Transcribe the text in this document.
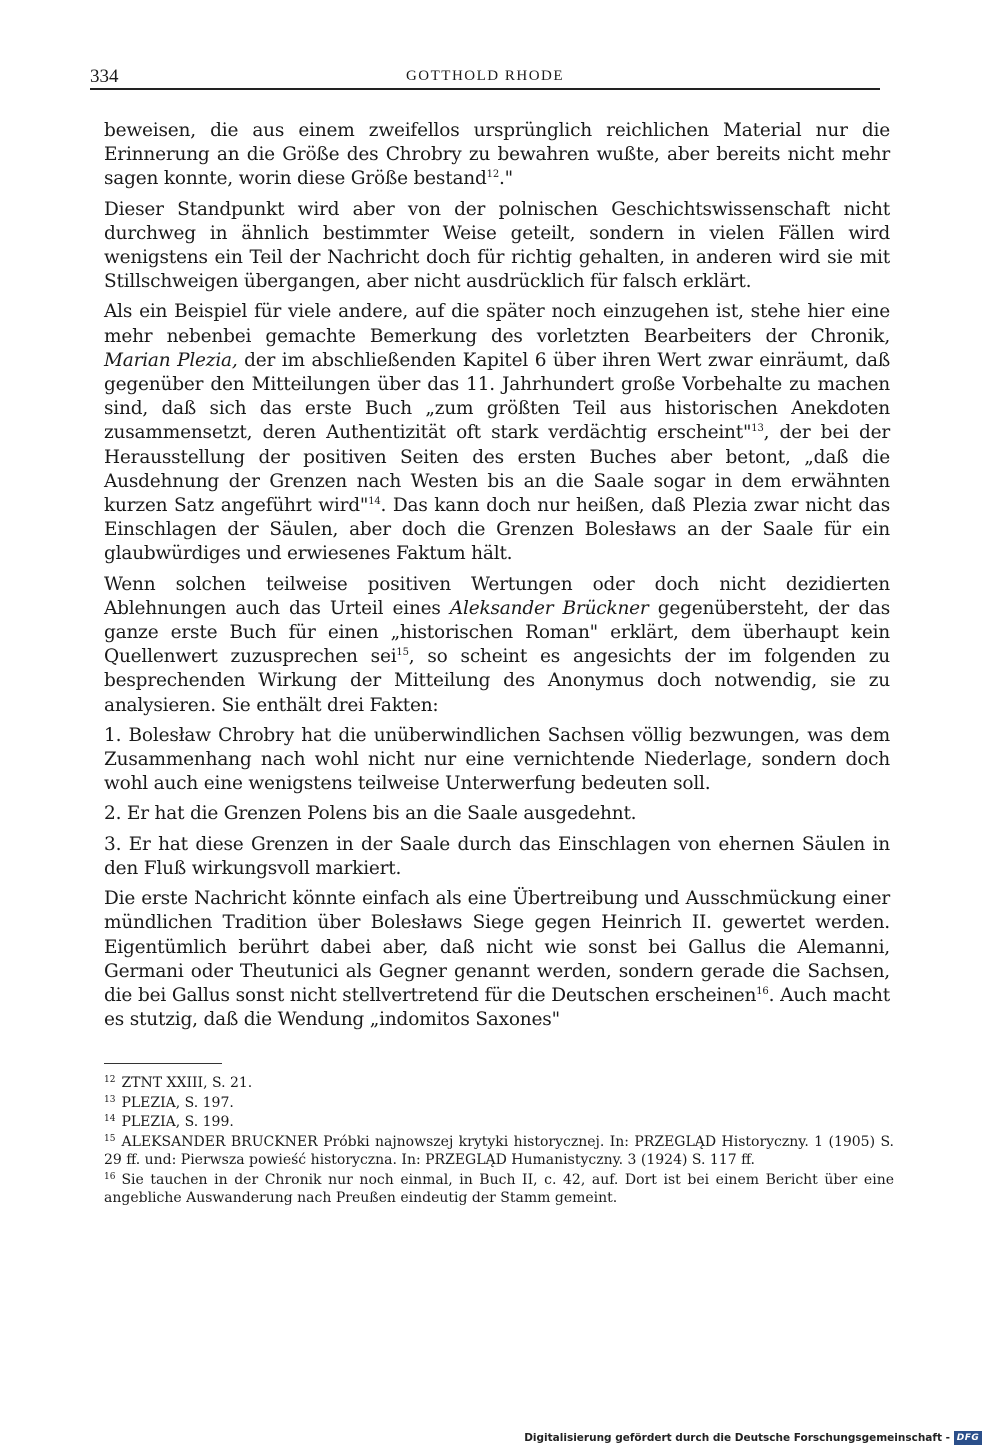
334	GOTTHOLD RHODE

beweisen, die aus einem zweifellos ursprünglich reichlichen Material nur die Erinnerung an die Größe des Chrobry zu bewahren wußte, aber bereits nicht mehr sagen konnte, worin diese Größe bestand$^{12}$."

Dieser Standpunkt wird aber von der polnischen Geschichtswissenschaft nicht durchweg in ähnlich bestimmter Weise geteilt, sondern in vielen Fällen wird wenigstens ein Teil der Nachricht doch für richtig gehalten, in anderen wird sie mit Stillschweigen übergangen, aber nicht ausdrücklich für falsch erklärt.

Als ein Beispiel für viele andere, auf die später noch einzugehen ist, stehe hier eine mehr nebenbei gemachte Bemerkung des vorletzten Bearbeiters der Chronik, Marian Plezia, der im abschließenden Kapitel 6 über ihren Wert zwar einräumt, daß gegenüber den Mitteilungen über das 11. Jahrhundert große Vorbehalte zu machen sind, daß sich das erste Buch „zum größten Teil aus historischen Anekdoten zusammensetzt, deren Authentizität oft stark verdächtig erscheint"$^{13}$, der bei der Herausstellung der positiven Seiten des ersten Buches aber betont, „daß die Ausdehnung der Grenzen nach Westen bis an die Saale sogar in dem erwähnten kurzen Satz angeführt wird"$^{14}$. Das kann doch nur heißen, daß Plezia zwar nicht das Einschlagen der Säulen, aber doch die Grenzen Bolesławs an der Saale für ein glaubwürdiges und erwiesenes Faktum hält.

Wenn solchen teilweise positiven Wertungen oder doch nicht dezidierten Ablehnungen auch das Urteil eines Aleksander Brückner gegenübersteht, der das ganze erste Buch für einen „historischen Roman" erklärt, dem überhaupt kein Quellenwert zuzusprechen sei$^{15}$, so scheint es angesichts der im folgenden zu besprechenden Wirkung der Mitteilung des Anonymus doch notwendig, sie zu analysieren. Sie enthält drei Fakten:

1. Bolesław Chrobry hat die unüberwindlichen Sachsen völlig bezwungen, was dem Zusammenhang nach wohl nicht nur eine vernichtende Niederlage, sondern doch wohl auch eine wenigstens teilweise Unterwerfung bedeuten soll.

2. Er hat die Grenzen Polens bis an die Saale ausgedehnt.

3. Er hat diese Grenzen in der Saale durch das Einschlagen von ehernen Säulen in den Fluß wirkungsvoll markiert.

Die erste Nachricht könnte einfach als eine Übertreibung und Ausschmückung einer mündlichen Tradition über Bolesławs Siege gegen Heinrich II. gewertet werden. Eigentümlich berührt dabei aber, daß nicht wie sonst bei Gallus die Alemanni, Germani oder Theutunici als Gegner genannt werden, sondern gerade die Sachsen, die bei Gallus sonst nicht stellvertretend für die Deutschen erscheinen$^{16}$. Auch macht es stutzig, daß die Wendung „indomitos Saxones"

$^{12}$ ZTNT XXIII, S. 21.
$^{13}$ PLEZIA, S. 197.
$^{14}$ PLEZIA, S. 199.
$^{15}$ ALEKSANDER BRUCKNER Próbki najnowszej krytyki historycznej. In: PRZEGLĄD Historyczny. 1 (1905) S. 29 ff. und: Pierwsza powieść historyczna. In: PRZEGLĄD Humanistyczny. 3 (1924) S. 117 ff.
$^{16}$ Sie tauchen in der Chronik nur noch einmal, in Buch II, c. 42, auf. Dort ist bei einem Bericht über eine angebliche Auswanderung nach Preußen eindeutig der Stamm gemeint.
Digitalisierung gefördert durch die Deutsche Forschungsgemeinschaft - DFG
